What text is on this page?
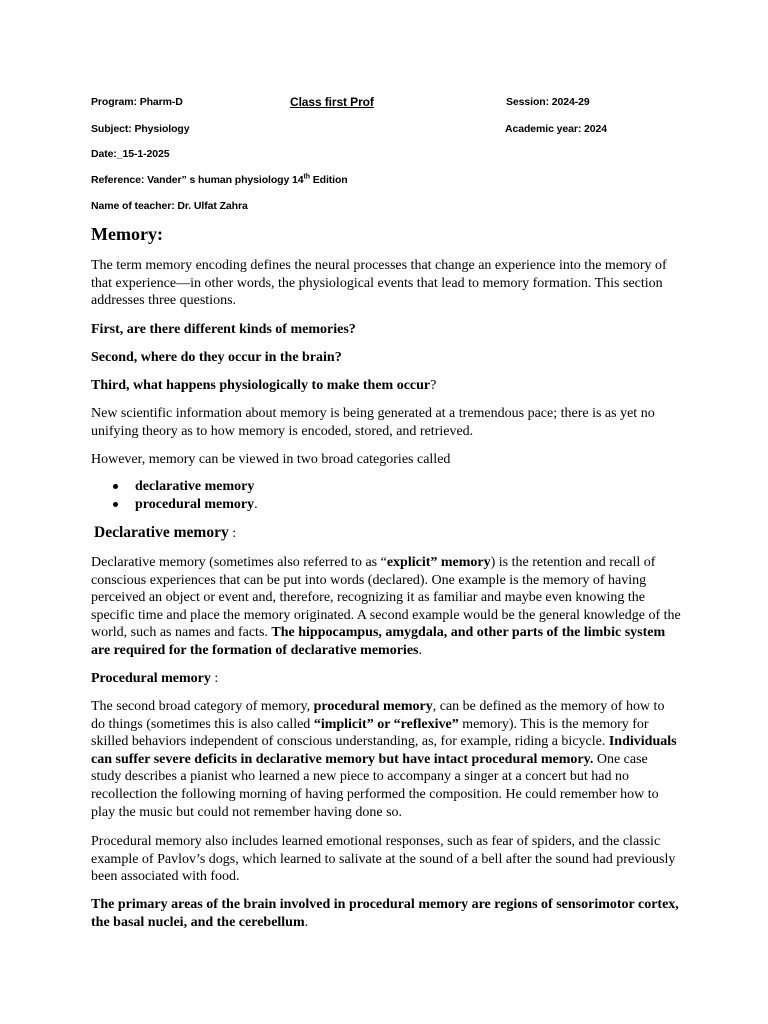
Program: Pharm-D	Class first Prof	Session: 2024-29
Subject: Physiology	Academic year: 2024
Date:_15-1-2025
Reference: Vander” s human physiology 14th Edition
Name of teacher: Dr. Ulfat Zahra
Memory:

The term memory encoding defines the neural processes that change an experience into the memory of that experience—in other words, the physiological events that lead to memory formation. This section addresses three questions.

First, are there different kinds of memories?

Second, where do they occur in the brain?

Third, what happens physiologically to make them occur?

New scientific information about memory is being generated at a tremendous pace; there is as yet no unifying theory as to how memory is encoded, stored, and retrieved.

However, memory can be viewed in two broad categories called

declarative memory
procedural memory.

Declarative memory :

Declarative memory (sometimes also referred to as “explicit” memory) is the retention and recall of conscious experiences that can be put into words (declared). One example is the memory of having perceived an object or event and, therefore, recognizing it as familiar and maybe even knowing the specific time and place the memory originated. A second example would be the general knowledge of the world, such as names and facts. The hippocampus, amygdala, and other parts of the limbic system are required for the formation of declarative memories.

Procedural memory :

The second broad category of memory, procedural memory, can be defined as the memory of how to do things (sometimes this is also called “implicit” or “reflexive” memory). This is the memory for skilled behaviors independent of conscious understanding, as, for example, riding a bicycle. Individuals can suffer severe deficits in declarative memory but have intact procedural memory. One case study describes a pianist who learned a new piece to accompany a singer at a concert but had no recollection the following morning of having performed the composition. He could remember how to play the music but could not remember having done so.

Procedural memory also includes learned emotional responses, such as fear of spiders, and the classic example of Pavlov’s dogs, which learned to salivate at the sound of a bell after the sound had previously been associated with food.

The primary areas of the brain involved in procedural memory are regions of sensorimotor cortex, the basal nuclei, and the cerebellum.
